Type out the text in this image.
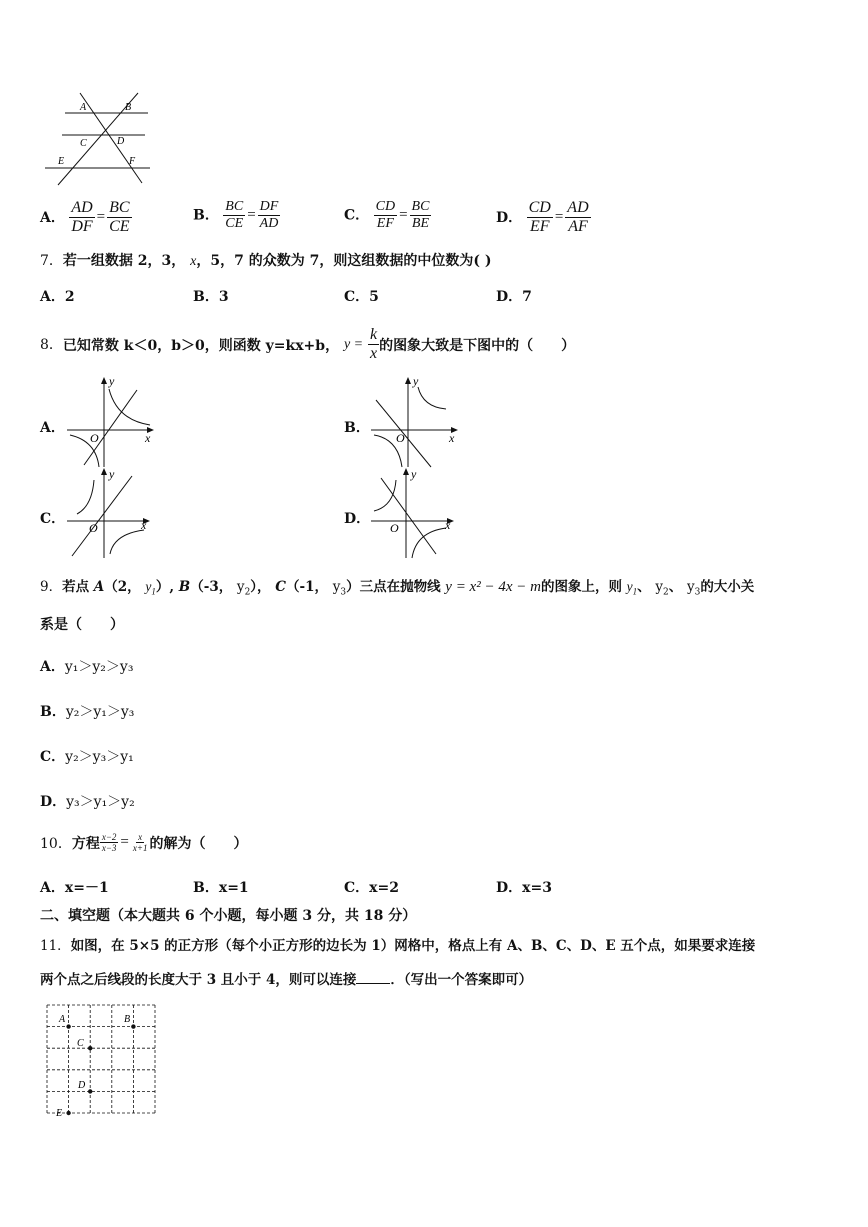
A	B
C	D
E	F
A． $\frac{AD}{DF} = \frac{BC}{CE}$	B． $\frac{BC}{CE} = \frac{DF}{AD}$	C． $\frac{CD}{EF} = \frac{BC}{BE}$	D． $\frac{CD}{EF} = \frac{AD}{AF}$
7．若一组数据 2，3， x，5，7 的众数为 7，则这组数据的中位数为( )
A．2	B．3	C．5	D．7
8．已知常数 k＜0，b＞0，则函数 y=kx+b， $y = \frac{k}{x}$ 的图象大致是下图中的（　　）
A．
y
x
O
B．
y
x
O
C．
y
x
O
D．
y
x
O
9．若点 A（2， $y_1$）, B（-3， $y_2$）， C（-1， $y_3$）三点在抛物线 y = x² − 4x − m的图象上，则 $y_1$、 $y_2$、 $y_3$的大小关
系是（　　）
A．y₁＞y₂＞y₃
B．y₂＞y₁＞y₃
C．y₂＞y₃＞y₁
D．y₃＞y₁＞y₂
10．方程 $\frac{x-2}{x-3} = \frac{x}{x+1}$ 的解为（　　）
A．x=－1	B．x=1	C．x=2	D．x=3
二、填空题（本大题共 6 个小题，每小题 3 分，共 18 分）
11．如图，在 5×5 的正方形（每个小正方形的边长为 1）网格中，格点上有 A、B、C、D、E 五个点，如果要求连接
两个点之后线段的长度大于 3 且小于 4，则可以连接	．（写出一个答案即可）
A	B
C
D
E
